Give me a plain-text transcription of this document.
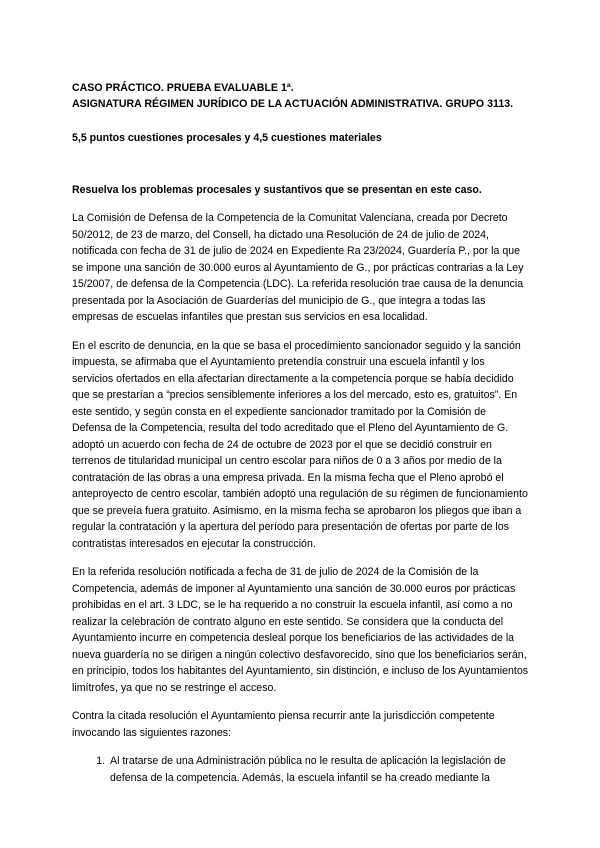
CASO PRÁCTICO. PRUEBA EVALUABLE 1ª.
ASIGNATURA RÉGIMEN JURÍDICO DE LA ACTUACIÓN ADMINISTRATIVA. GRUPO 3113.
5,5 puntos cuestiones procesales y 4,5 cuestiones materiales
Resuelva los problemas procesales y sustantivos que se presentan en este caso.

La Comisión de Defensa de la Competencia de la Comunitat Valenciana, creada por Decreto 50/2012, de 23 de marzo, del Consell, ha dictado una Resolución de 24 de julio de 2024, notificada con fecha de 31 de julio de 2024 en Expediente Ra 23/2024, Guardería P., por la que se impone una sanción de 30.000 euros al Ayuntamiento de G., por prácticas contrarias a la Ley 15/2007, de defensa de la Competencia (LDC). La referida resolución trae causa de la denuncia presentada por la Asociación de Guarderías del municipio de G., que integra a todas las empresas de escuelas infantiles que prestan sus servicios en esa localidad.

En el escrito de denuncia, en la que se basa el procedimiento sancionador seguido y la sanción impuesta, se afirmaba que el Ayuntamiento pretendía construir una escuela infantil y los servicios ofertados en ella afectarían directamente a la competencia porque se había decidido que se prestarían a “precios sensiblemente inferiores a los del mercado, esto es, gratuitos”. En este sentido, y según consta en el expediente sancionador tramitado por la Comisión de Defensa de la Competencia, resulta del todo acreditado que el Pleno del Ayuntamiento de G. adoptó un acuerdo con fecha de 24 de octubre de 2023 por el que se decidió construir en terrenos de titularidad municipal un centro escolar para niños de 0 a 3 años por medio de la contratación de las obras a una empresa privada. En la misma fecha que el Pleno aprobó el anteproyecto de centro escolar, también adoptó una regulación de su régimen de funcionamiento que se preveía fuera gratuito. Asimismo, en la misma fecha se aprobaron los pliegos que iban a regular la contratación y la apertura del período para presentación de ofertas por parte de los contratistas interesados en ejecutar la construcción.

En la referida resolución notificada a fecha de 31 de julio de 2024 de la Comisión de la Competencia, además de imponer al Ayuntamiento una sanción de 30.000 euros por prácticas prohibidas en el art. 3 LDC, se le ha requerido a no construir la escuela infantil, así como a no realizar la celebración de contrato alguno en este sentido. Se considera que la conducta del Ayuntamiento incurre en competencia desleal porque los beneficiarios de las actividades de la nueva guardería no se dirigen a ningún colectivo desfavorecido, sino que los beneficiarios serán, en principio, todos los habitantes del Ayuntamiento, sin distinción, e incluso de los Ayuntamientos limítrofes, ya que no se restringe el acceso.

Contra la citada resolución el Ayuntamiento piensa recurrir ante la jurisdicción competente invocando las siguientes razones:

1. Al tratarse de una Administración pública no le resulta de aplicación la legislación de defensa de la competencia. Además, la escuela infantil se ha creado mediante la
